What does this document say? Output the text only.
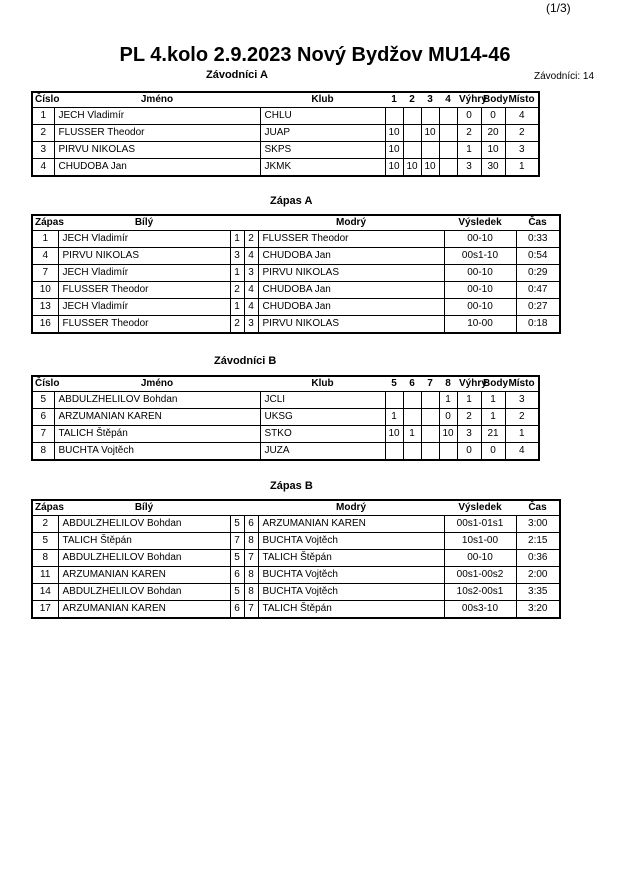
(1/3)
PL 4.kolo 2.9.2023 Nový Bydžov MU14-46
Závodníci A	Závodníci: 14
Číslo	Jméno	Klub	1	2	3	4	Výhry	Body	Místo
1	JECH Vladimír	CHLU					0	0	4
2	FLUSSER Theodor	JUAP	10		10		2	20	2
3	PIRVU NIKOLAS	SKPS	10				1	10	3
4	CHUDOBA Jan	JKMK	10	10	10		3	30	1
Zápas A
Zápas	Bílý			Modrý	Výsledek	Čas
1	JECH Vladimír	1	2	FLUSSER Theodor	00-10	0:33
4	PIRVU NIKOLAS	3	4	CHUDOBA Jan	00s1-10	0:54
7	JECH Vladimír	1	3	PIRVU NIKOLAS	00-10	0:29
10	FLUSSER Theodor	2	4	CHUDOBA Jan	00-10	0:47
13	JECH Vladimír	1	4	CHUDOBA Jan	00-10	0:27
16	FLUSSER Theodor	2	3	PIRVU NIKOLAS	10-00	0:18
Závodníci B
Číslo	Jméno	Klub	5	6	7	8	Výhry	Body	Místo
5	ABDULZHELILOV Bohdan	JCLI				1	1	1	3
6	ARZUMANIAN KAREN	UKSG	1			0	2	1	2
7	TALICH Štěpán	STKO	10	1		10	3	21	1
8	BUCHTA Vojtěch	JUZA					0	0	4
Zápas B
Zápas	Bílý			Modrý	Výsledek	Čas
2	ABDULZHELILOV Bohdan	5	6	ARZUMANIAN KAREN	00s1-01s1	3:00
5	TALICH Štěpán	7	8	BUCHTA Vojtěch	10s1-00	2:15
8	ABDULZHELILOV Bohdan	5	7	TALICH Štěpán	00-10	0:36
11	ARZUMANIAN KAREN	6	8	BUCHTA Vojtěch	00s1-00s2	2:00
14	ABDULZHELILOV Bohdan	5	8	BUCHTA Vojtěch	10s2-00s1	3:35
17	ARZUMANIAN KAREN	6	7	TALICH Štěpán	00s3-10	3:20
